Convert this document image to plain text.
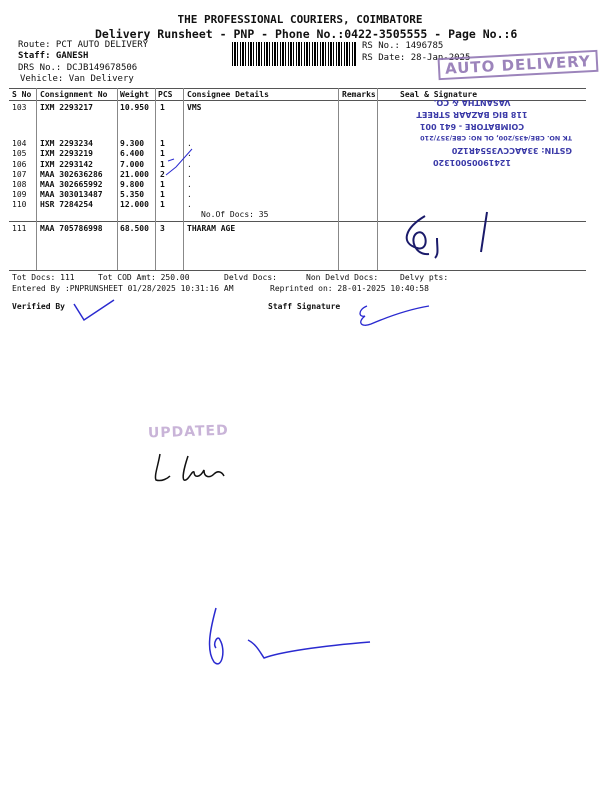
THE PROFESSIONAL COURIERS, COIMBATORE
Delivery Runsheet - PNP - Phone No.:0422-3505555 - Page No.:6
Route: PCT AUTO DELIVERY
Staff: GANESH
DRS No.: DCJB149678506
Vehicle: Van Delivery
RS No.: 1496785
RS Date: 28-Jan-2025
AUTO DELIVERY
S No Consignment No Weight PCS Consignee Details	Remarks	Seal & Signature
103 IXM 2293217	10.950 1	VMS
104 IXM 2293234	9.300 1	.
105 IXM 2293219	6.400 1	.
106 IXM 2293142	7.000 1	.
107 MAA 302636286 21.000 2	.
108 MAA 302665992 9.800 1	.
109 MAA 303013487 5.350 1	.
110 HSR 7284254	12.000 1	.
No.Of Docs: 35
111 MAA 705786998 68.500 3	THARAM AGE
12419005001320
GSTIN: 33AACCV3554R1Z0
TK NO. CBE/435/200, OL NO: CBE/357/210
COIMBATORE - 641 001
118 BIG BAZAAR STREET
VASANTHA & CO.
Tot Docs: 111	Tot COD Amt: 250.00	Delvd Docs:	Non Delvd Docs:	Delvy pts:
Entered By :PNPRUNSHEET 01/28/2025 10:31:16 AM	Reprinted on: 28-01-2025 10:40:58
Verified By	Staff Signature
UPDATED
